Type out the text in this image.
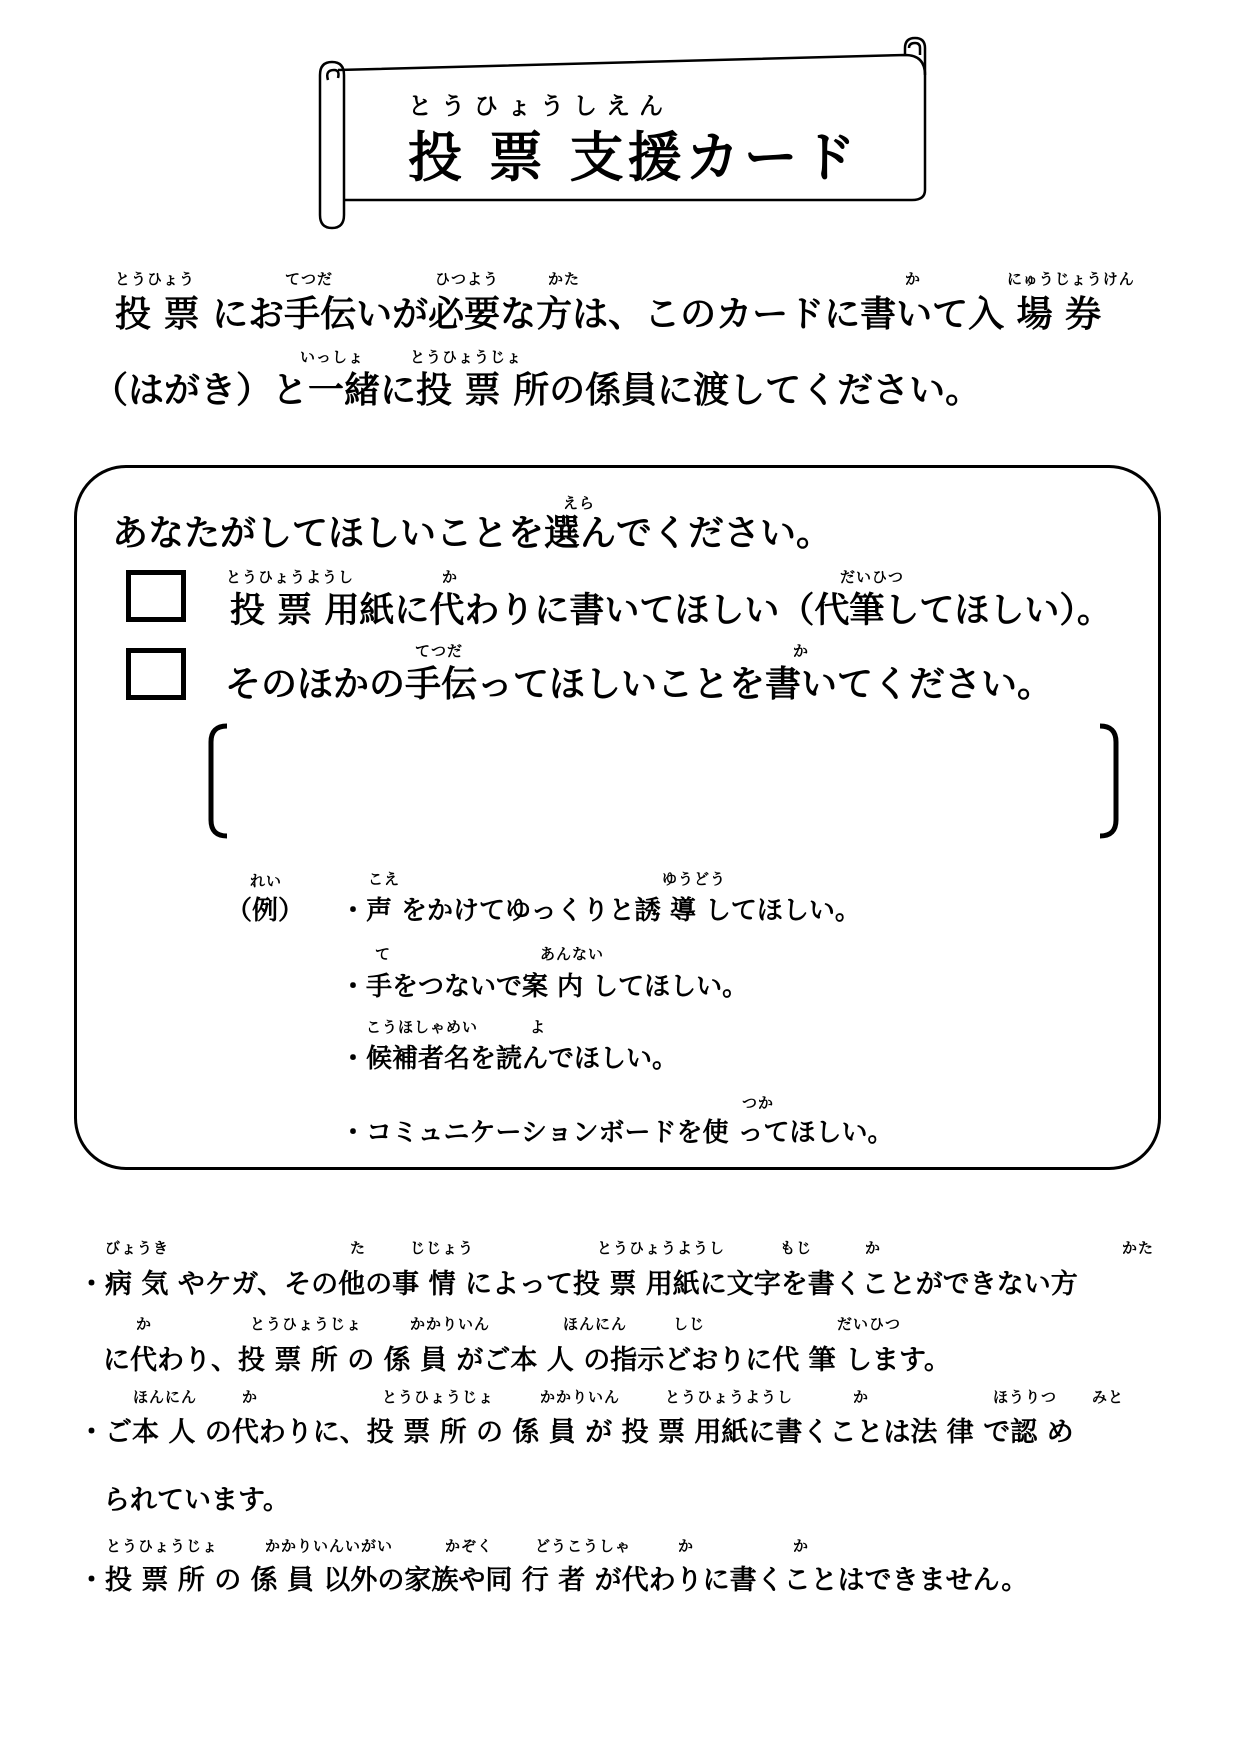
とうひょうしえん
投 票 支援カード
とうひょう	てつだ	ひつよう	かた	か	にゅうじょうけん
投 票 にお手伝いが必要な方は、このカードに書いて入 場 券
いっしょ	とうひょうじょ
（はがき）と一緒に投 票 所の係員に渡してください。
えら
あなたがしてほしいことを選んでください。
とうひょうようし	か	だいひつ
投 票 用紙に代わりに書いてほしい（代筆してほしい）。
てつだ	か
そのほかの手伝ってほしいことを書いてください。
れい
（例）
こえ	ゆうどう
・声 をかけてゆっくりと誘 導 してほしい。
て	あんない
・手をつないで案 内 してほしい。
こうほしゃめい	よ
・候補者名を読んでほしい。
つか
・コミュニケーションボードを使 ってほしい。
びょうき	た	じじょう	とうひょうようし	もじ	か	かた
・病 気 やケガ、その他の事 情 によって投 票 用紙に文字を書くことができない方
か	とうひょうじょ	かかりいん	ほんにん	しじ	だいひつ
に代わり、投 票 所 の 係 員 がご本 人 の指示どおりに代 筆 します。
ほんにん	か	とうひょうじょ	かかりいん	とうひょうようし	か	ほうりつ みと
・ご本 人 の代わりに、投 票 所 の 係 員 が 投 票 用紙に書くことは法 律 で認 め
られています。
とうひょうじょ	かかりいんいがい	かぞく	どうこうしゃ	か	か
・投 票 所 の 係 員 以外の家族や同 行 者 が代わりに書くことはできません。
